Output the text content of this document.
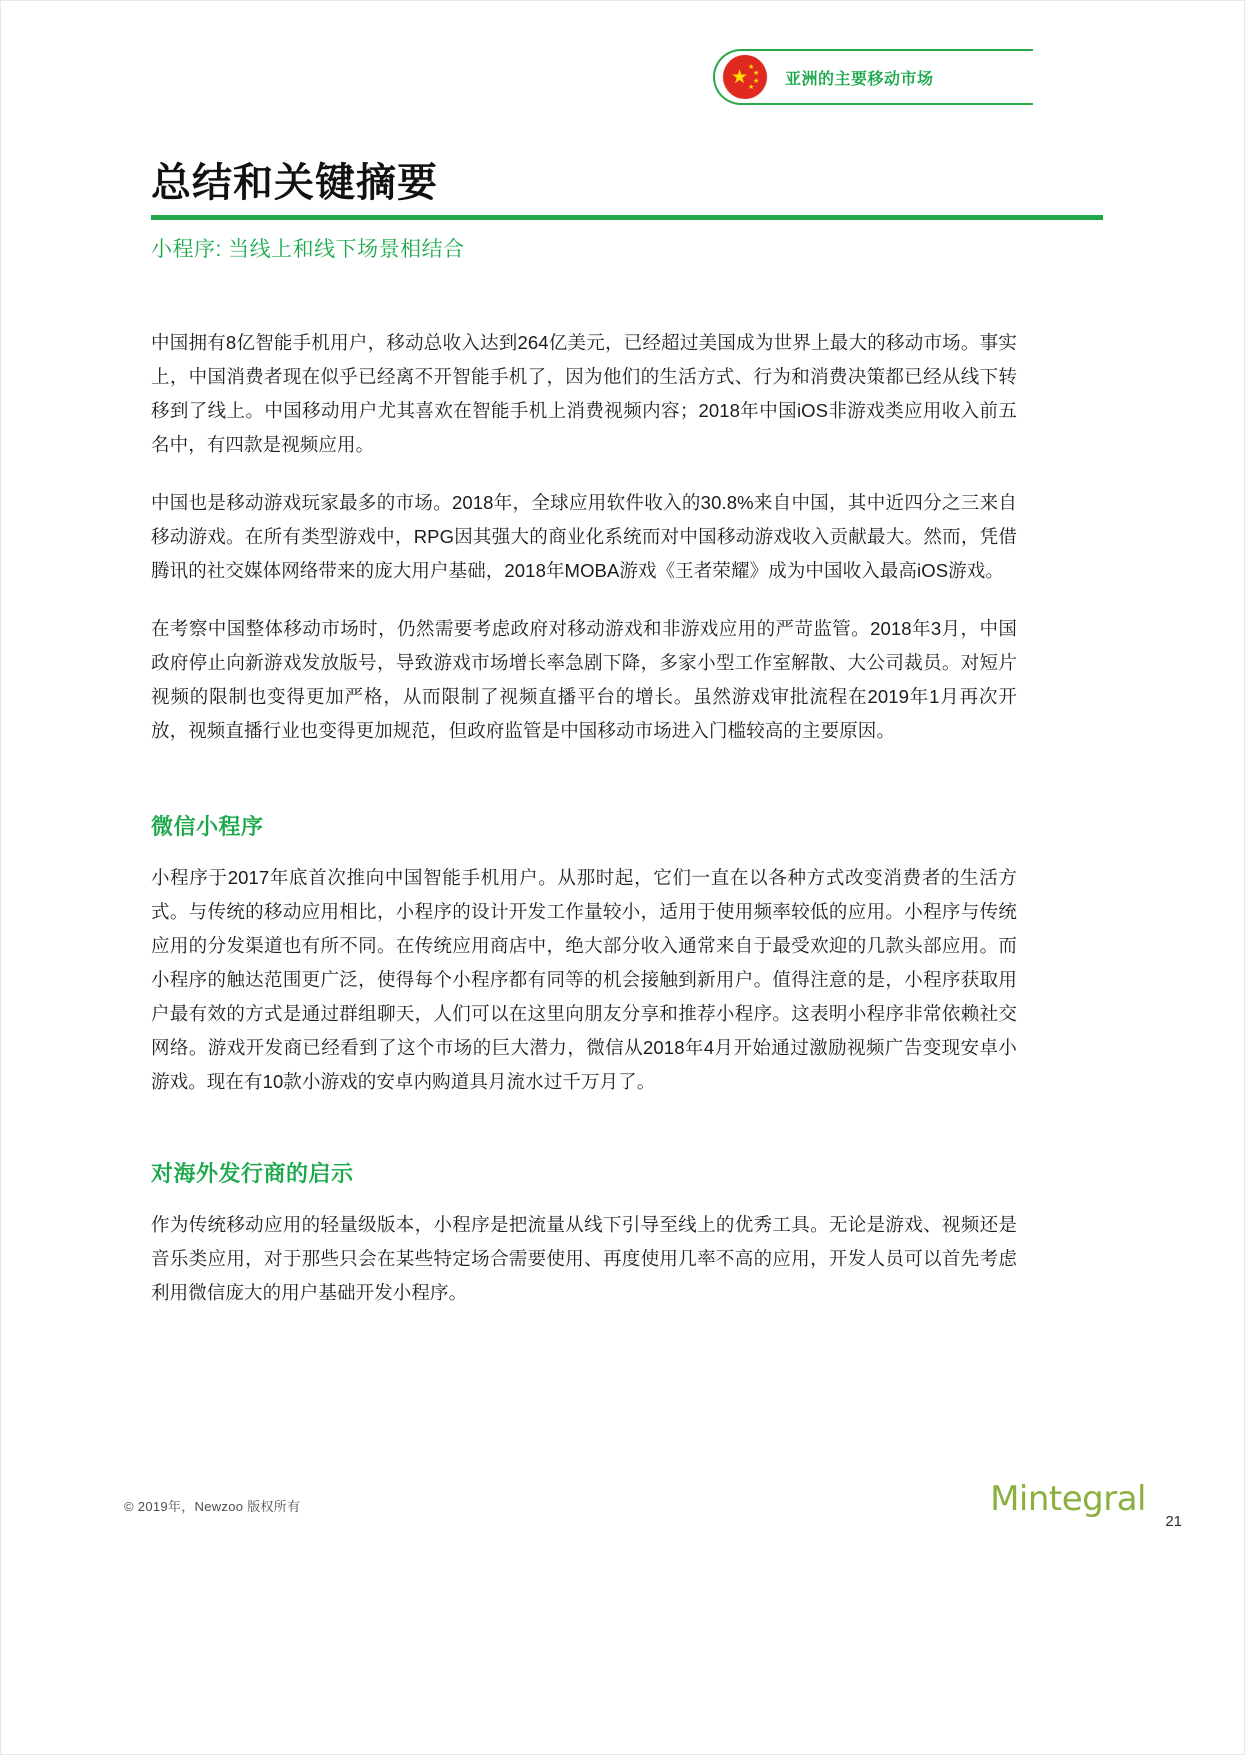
★ ★
★
★
★ 亚洲的主要移动市场
总结和关键摘要
小程序: 当线上和线下场景相结合

中国拥有8亿智能手机用户，移动总收入达到264亿美元，已经超过美国成为世界上最大的移动市场。事实上，中国消费者现在似乎已经离不开智能手机了，因为他们的生活方式、行为和消费决策都已经从线下转移到了线上。中国移动用户尤其喜欢在智能手机上消费视频内容；2018年中国iOS非游戏类应用收入前五名中，有四款是视频应用。

中国也是移动游戏玩家最多的市场。2018年，全球应用软件收入的30.8%来自中国，其中近四分之三来自移动游戏。在所有类型游戏中，RPG因其强大的商业化系统而对中国移动游戏收入贡献最大。然而，凭借腾讯的社交媒体网络带来的庞大用户基础，2018年MOBA游戏《王者荣耀》成为中国收入最高iOS游戏。

在考察中国整体移动市场时，仍然需要考虑政府对移动游戏和非游戏应用的严苛监管。2018年3月，中国政府停止向新游戏发放版号，导致游戏市场增长率急剧下降，多家小型工作室解散、大公司裁员。对短片视频的限制也变得更加严格，从而限制了视频直播平台的增长。虽然游戏审批流程在2019年1月再次开放，视频直播行业也变得更加规范，但政府监管是中国移动市场进入门槛较高的主要原因。

微信小程序

小程序于2017年底首次推向中国智能手机用户。从那时起，它们一直在以各种方式改变消费者的生活方式。与传统的移动应用相比，小程序的设计开发工作量较小，适用于使用频率较低的应用。小程序与传统应用的分发渠道也有所不同。在传统应用商店中，绝大部分收入通常来自于最受欢迎的几款头部应用。而小程序的触达范围更广泛，使得每个小程序都有同等的机会接触到新用户。值得注意的是，小程序获取用户最有效的方式是通过群组聊天，人们可以在这里向朋友分享和推荐小程序。这表明小程序非常依赖社交网络。游戏开发商已经看到了这个市场的巨大潜力，微信从2018年4月开始通过激励视频广告变现安卓小游戏。现在有10款小游戏的安卓内购道具月流水过千万月了。

对海外发行商的启示

作为传统移动应用的轻量级版本，小程序是把流量从线下引导至线上的优秀工具。无论是游戏、视频还是音乐类应用，对于那些只会在某些特定场合需要使用、再度使用几率不高的应用，开发人员可以首先考虑利用微信庞大的用户基础开发小程序。

© 2019年，Newzoo 版权所有	Mintegral
21
